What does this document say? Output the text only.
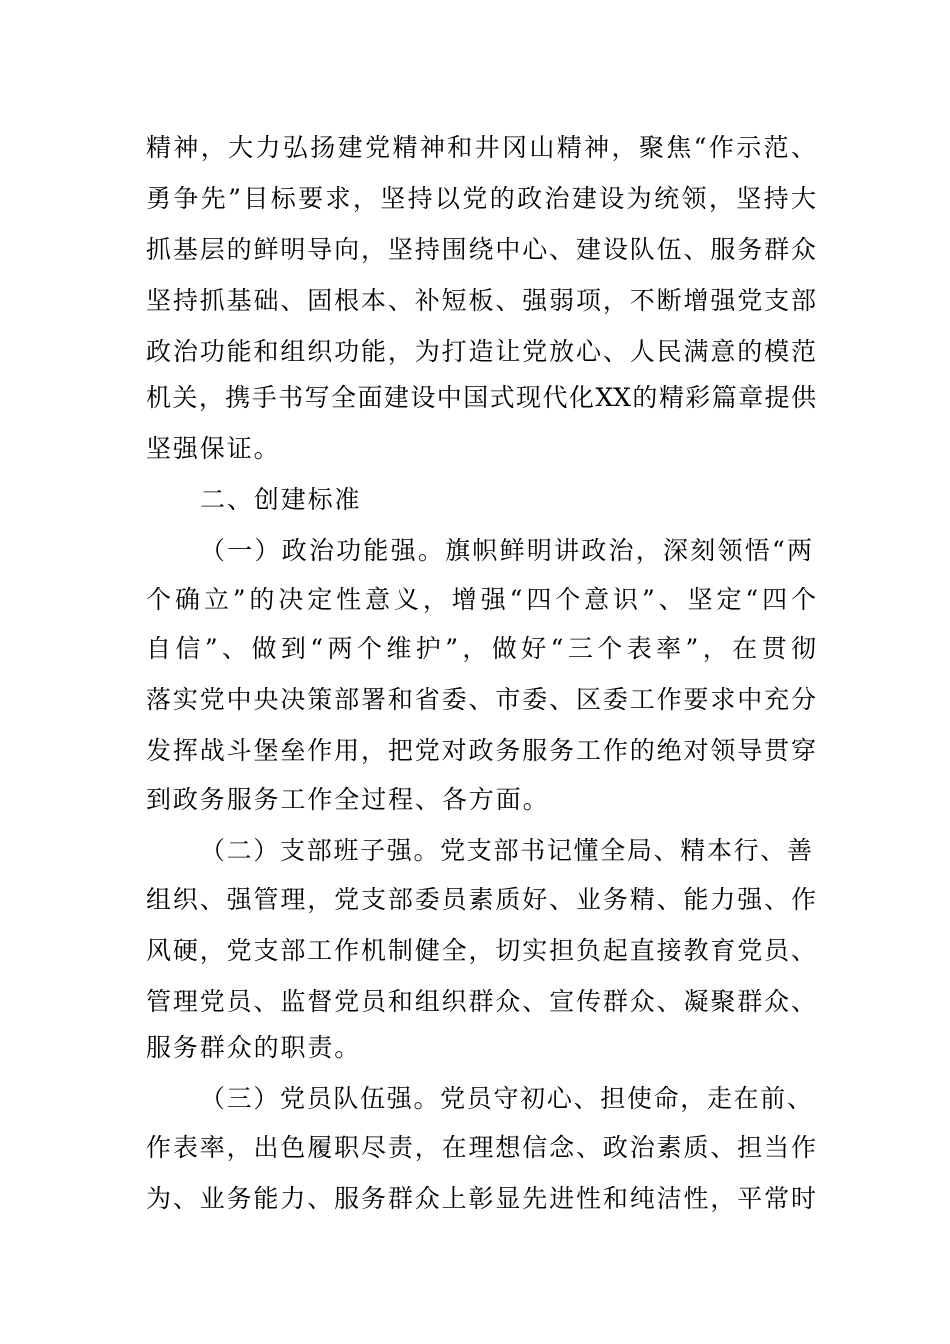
精神，大力弘扬建党精神和井冈山精神，聚焦“作示范、
勇争先”目标要求，坚持以党的政治建设为统领，坚持大
抓基层的鲜明导向，坚持围绕中心、建设队伍、服务群众
坚持抓基础、固根本、补短板、强弱项，不断增强党支部
政治功能和组织功能，为打造让党放心、人民满意的模范
机关，携手书写全面建设中国式现代化XX的精彩篇章提供
坚强保证。
二、创建标准
（一）政治功能强。旗帜鲜明讲政治，深刻领悟“两
个确立”的决定性意义，增强“四个意识”、坚定“四个
自信”、做到“两个维护”，做好“三个表率”，在贯彻
落实党中央决策部署和省委、市委、区委工作要求中充分
发挥战斗堡垒作用，把党对政务服务工作的绝对领导贯穿
到政务服务工作全过程、各方面。
（二）支部班子强。党支部书记懂全局、精本行、善
组织、强管理，党支部委员素质好、业务精、能力强、作
风硬，党支部工作机制健全，切实担负起直接教育党员、
管理党员、监督党员和组织群众、宣传群众、凝聚群众、
服务群众的职责。
（三）党员队伍强。党员守初心、担使命，走在前、
作表率，出色履职尽责，在理想信念、政治素质、担当作
为、业务能力、服务群众上彰显先进性和纯洁性，平常时
